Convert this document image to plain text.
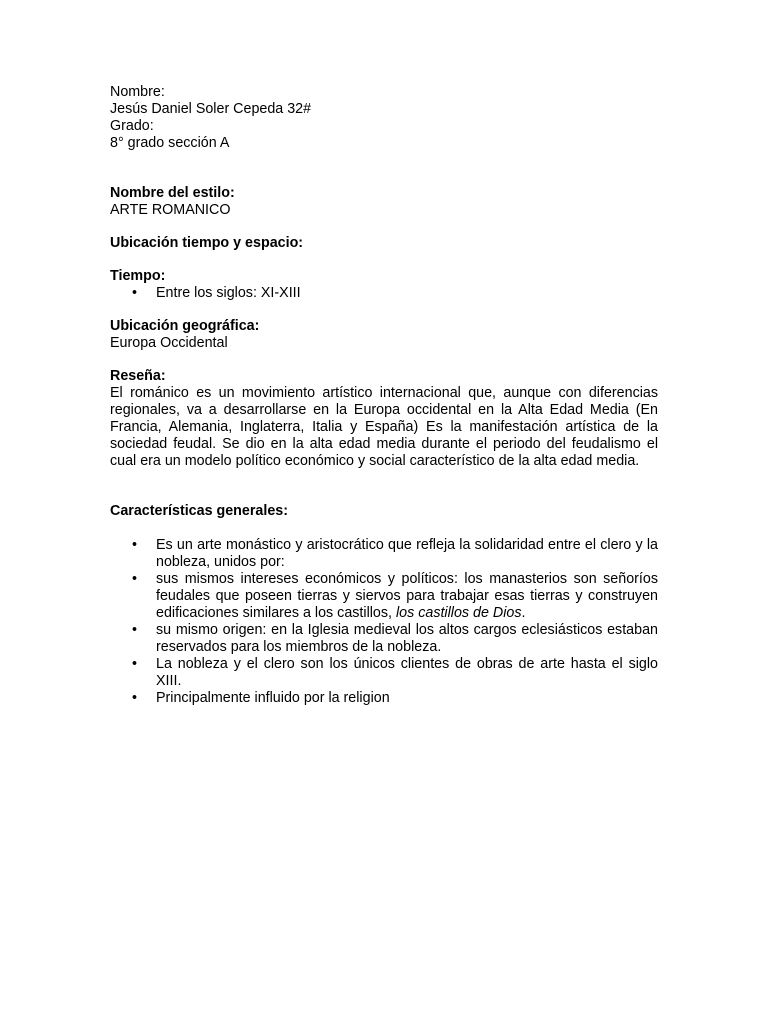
Nombre:
Jesús Daniel Soler Cepeda 32#
Grado:
8° grado sección A
Nombre del estilo:
ARTE ROMANICO
Ubicación tiempo y espacio:
Tiempo:
• Entre los siglos: XI-XIII
Ubicación geográfica:
Europa Occidental
Reseña:

El románico es un movimiento artístico internacional que, aunque con diferencias regionales, va a desarrollarse en la Europa occidental en la Alta Edad Media (En Francia, Alemania, Inglaterra, Italia y España) Es la manifestación artística de la sociedad feudal. Se dio en la alta edad media durante el periodo del feudalismo el cual era un modelo político económico y social característico de la alta edad media.

Características generales:
• Es un arte monástico y aristocrático que refleja la solidaridad entre el clero y la nobleza, unidos por:
• sus mismos intereses económicos y políticos: los manasterios son señoríos feudales que poseen tierras y siervos para trabajar esas tierras y construyen edificaciones similares a los castillos, los castillos de Dios.
• su mismo origen: en la Iglesia medieval los altos cargos eclesiásticos estaban reservados para los miembros de la nobleza.
• La nobleza y el clero son los únicos clientes de obras de arte hasta el siglo XIII.
• Principalmente influido por la religion
